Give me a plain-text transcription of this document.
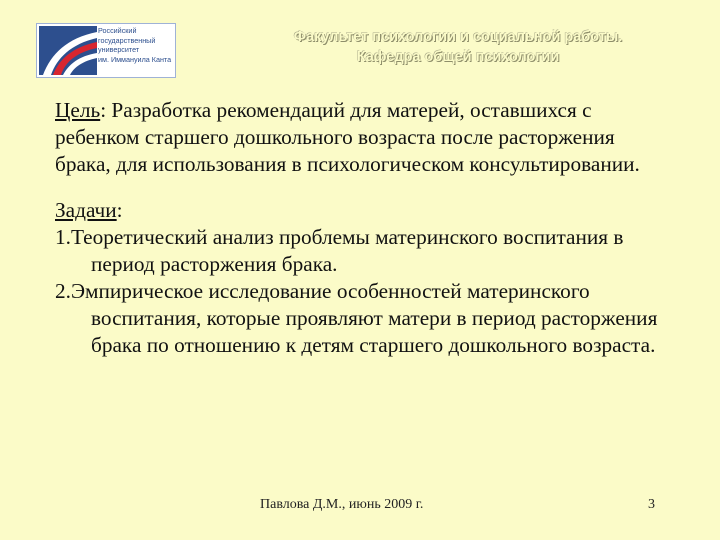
Российский
государственный
университет
им. Иммануила Канта
Факультет психологии и социальной работы.
Кафедра общей психологии

Цель: Разработка рекомендаций для матерей, оставшихся с ребенком старшего дошкольного возраста после расторжения брака, для использования в психологическом консультировании.

Задачи:

1.Теоретический анализ проблемы материнского воспитания в период расторжения брака.

2.Эмпирическое исследование особенностей материнского воспитания, которые проявляют матери в период расторжения брака по отношению к детям старшего дошкольного возраста.

Павлова Д.М., июнь 2009 г.	3
